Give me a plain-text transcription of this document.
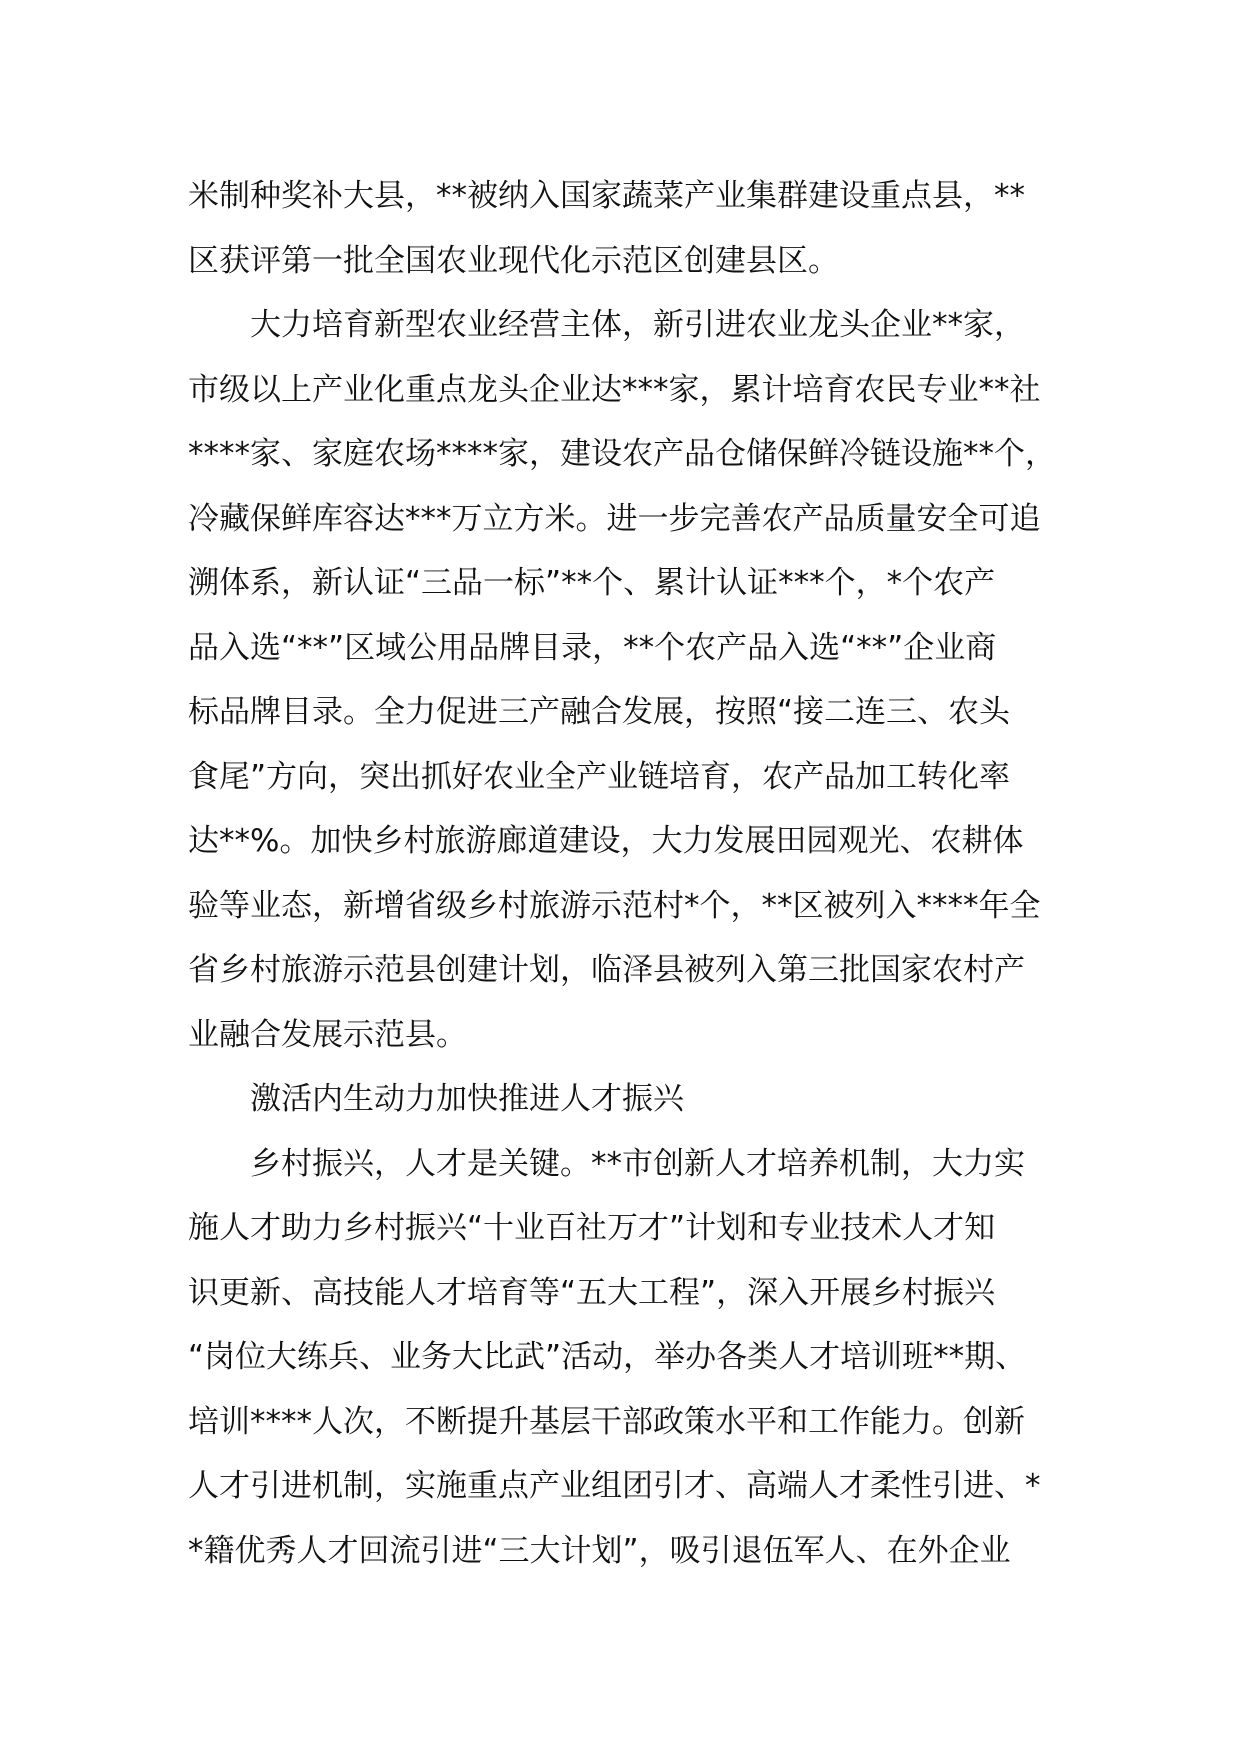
米制种奖补大县，**被纳入国家蔬菜产业集群建设重点县，**
区获评第一批全国农业现代化示范区创建县区。
大力培育新型农业经营主体，新引进农业龙头企业**家，
市级以上产业化重点龙头企业达***家，累计培育农民专业**社
****家、家庭农场****家，建设农产品仓储保鲜冷链设施**个，
冷藏保鲜库容达***万立方米。进一步完善农产品质量安全可追
溯体系，新认证“三品一标”**个、累计认证***个，*个农产
品入选“**”区域公用品牌目录，**个农产品入选“**”企业商
标品牌目录。全力促进三产融合发展，按照“接二连三、农头
食尾”方向，突出抓好农业全产业链培育，农产品加工转化率
达**%。加快乡村旅游廊道建设，大力发展田园观光、农耕体
验等业态，新增省级乡村旅游示范村*个，**区被列入****年全
省乡村旅游示范县创建计划，临泽县被列入第三批国家农村产
业融合发展示范县。
激活内生动力加快推进人才振兴
乡村振兴，人才是关键。**市创新人才培养机制，大力实
施人才助力乡村振兴“十业百社万才”计划和专业技术人才知
识更新、高技能人才培育等“五大工程”，深入开展乡村振兴
“岗位大练兵、业务大比武”活动，举办各类人才培训班**期、
培训****人次，不断提升基层干部政策水平和工作能力。创新
人才引进机制，实施重点产业组团引才、高端人才柔性引进、*
*籍优秀人才回流引进“三大计划”，吸引退伍军人、在外企业
